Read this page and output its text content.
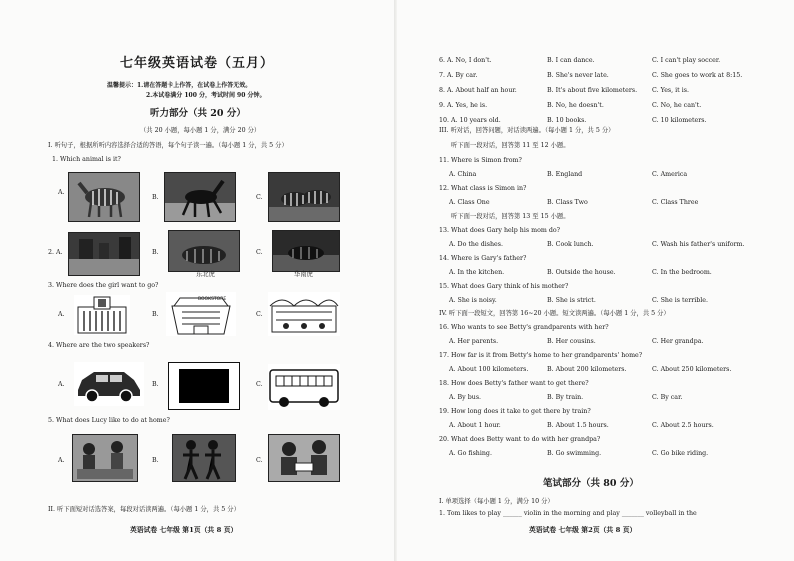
七年级英语试卷（五月）
温馨提示：1.请在答题卡上作答，在试卷上作答无效。
2.本试卷满分 100 分，考试时间 90 分钟。
听力部分（共 20 分）
（共 20 小题，每小题 1 分，满分 20 分）
I. 听句子，根据所听内容选择合适的答语，每个句子读一遍。（每小题 1 分，共 5 分）
1. Which animal is it?
A.
B.	C.
2. A.	B.
东北虎
C.
华南虎
3. Where does the girl want to go?
A.	B.
BOOKSTORE
C.
4. Where are the two speakers?
A.	B.	C.
5. What does Lucy like to do at home?
A.	B.	C.
II. 听下面短对话选答案，每段对话读两遍。（每小题 1 分，共 5 分）
英语试卷 七年级 第1页（共 8 页）
6. A. No, I don't.	B. I can dance.	C. I can't play soccer.
7. A. By car.	B. She's never late.	C. She goes to work at 8:15.
8. A. About half an hour.	B. It's about five kilometers. C. Yes, it is.
9. A. Yes, he is.	B. No, he doesn't.	C. No, he can't.
10. A. 10 years old.	B. 10 books.	C. 10 kilometers.
III. 听对话，回答问题，对话读两遍。（每小题 1 分，共 5 分）
听下面一段对话，回答第 11 至 12 小题。
11. Where is Simon from?
A. China	B. England	C. America
12. What class is Simon in?
A. Class One	B. Class Two	C. Class Three
听下面一段对话，回答第 13 至 15 小题。
13. What does Gary help his mom do?
A. Do the dishes.	B. Cook lunch.	C. Wash his father's uniform.
14. Where is Gary's father?
A. In the kitchen.	B. Outside the house.	C. In the bedroom.
15. What does Gary think of his mother?
A. She is noisy.	B. She is strict.	C. She is terrible.
IV. 听下面一段短文，回答第 16~20 小题。短文读两遍。（每小题 1 分，共 5 分）
16. Who wants to see Betty's grandparents with her?
A. Her parents.	B. Her cousins.	C. Her grandpa.
17. How far is it from Betty's home to her grandparents' home?
A. About 100 kilometers.	B. About 200 kilometers.	C. About 250 kilometers.
18. How does Betty's father want to get there?
A. By bus.	B. By train.	C. By car.
19. How long does it take to get there by train?
A. About 1 hour.	B. About 1.5 hours.	C. About 2.5 hours.
20. What does Betty want to do with her grandpa?
A. Go fishing.	B. Go swimming.	C. Go bike riding.
笔试部分（共 80 分）
I. 单项选择（每小题 1 分，满分 10 分）
1. Tom likes to play ______ violin in the morning and play _______ volleyball in the
英语试卷 七年级 第2页（共 8 页）
